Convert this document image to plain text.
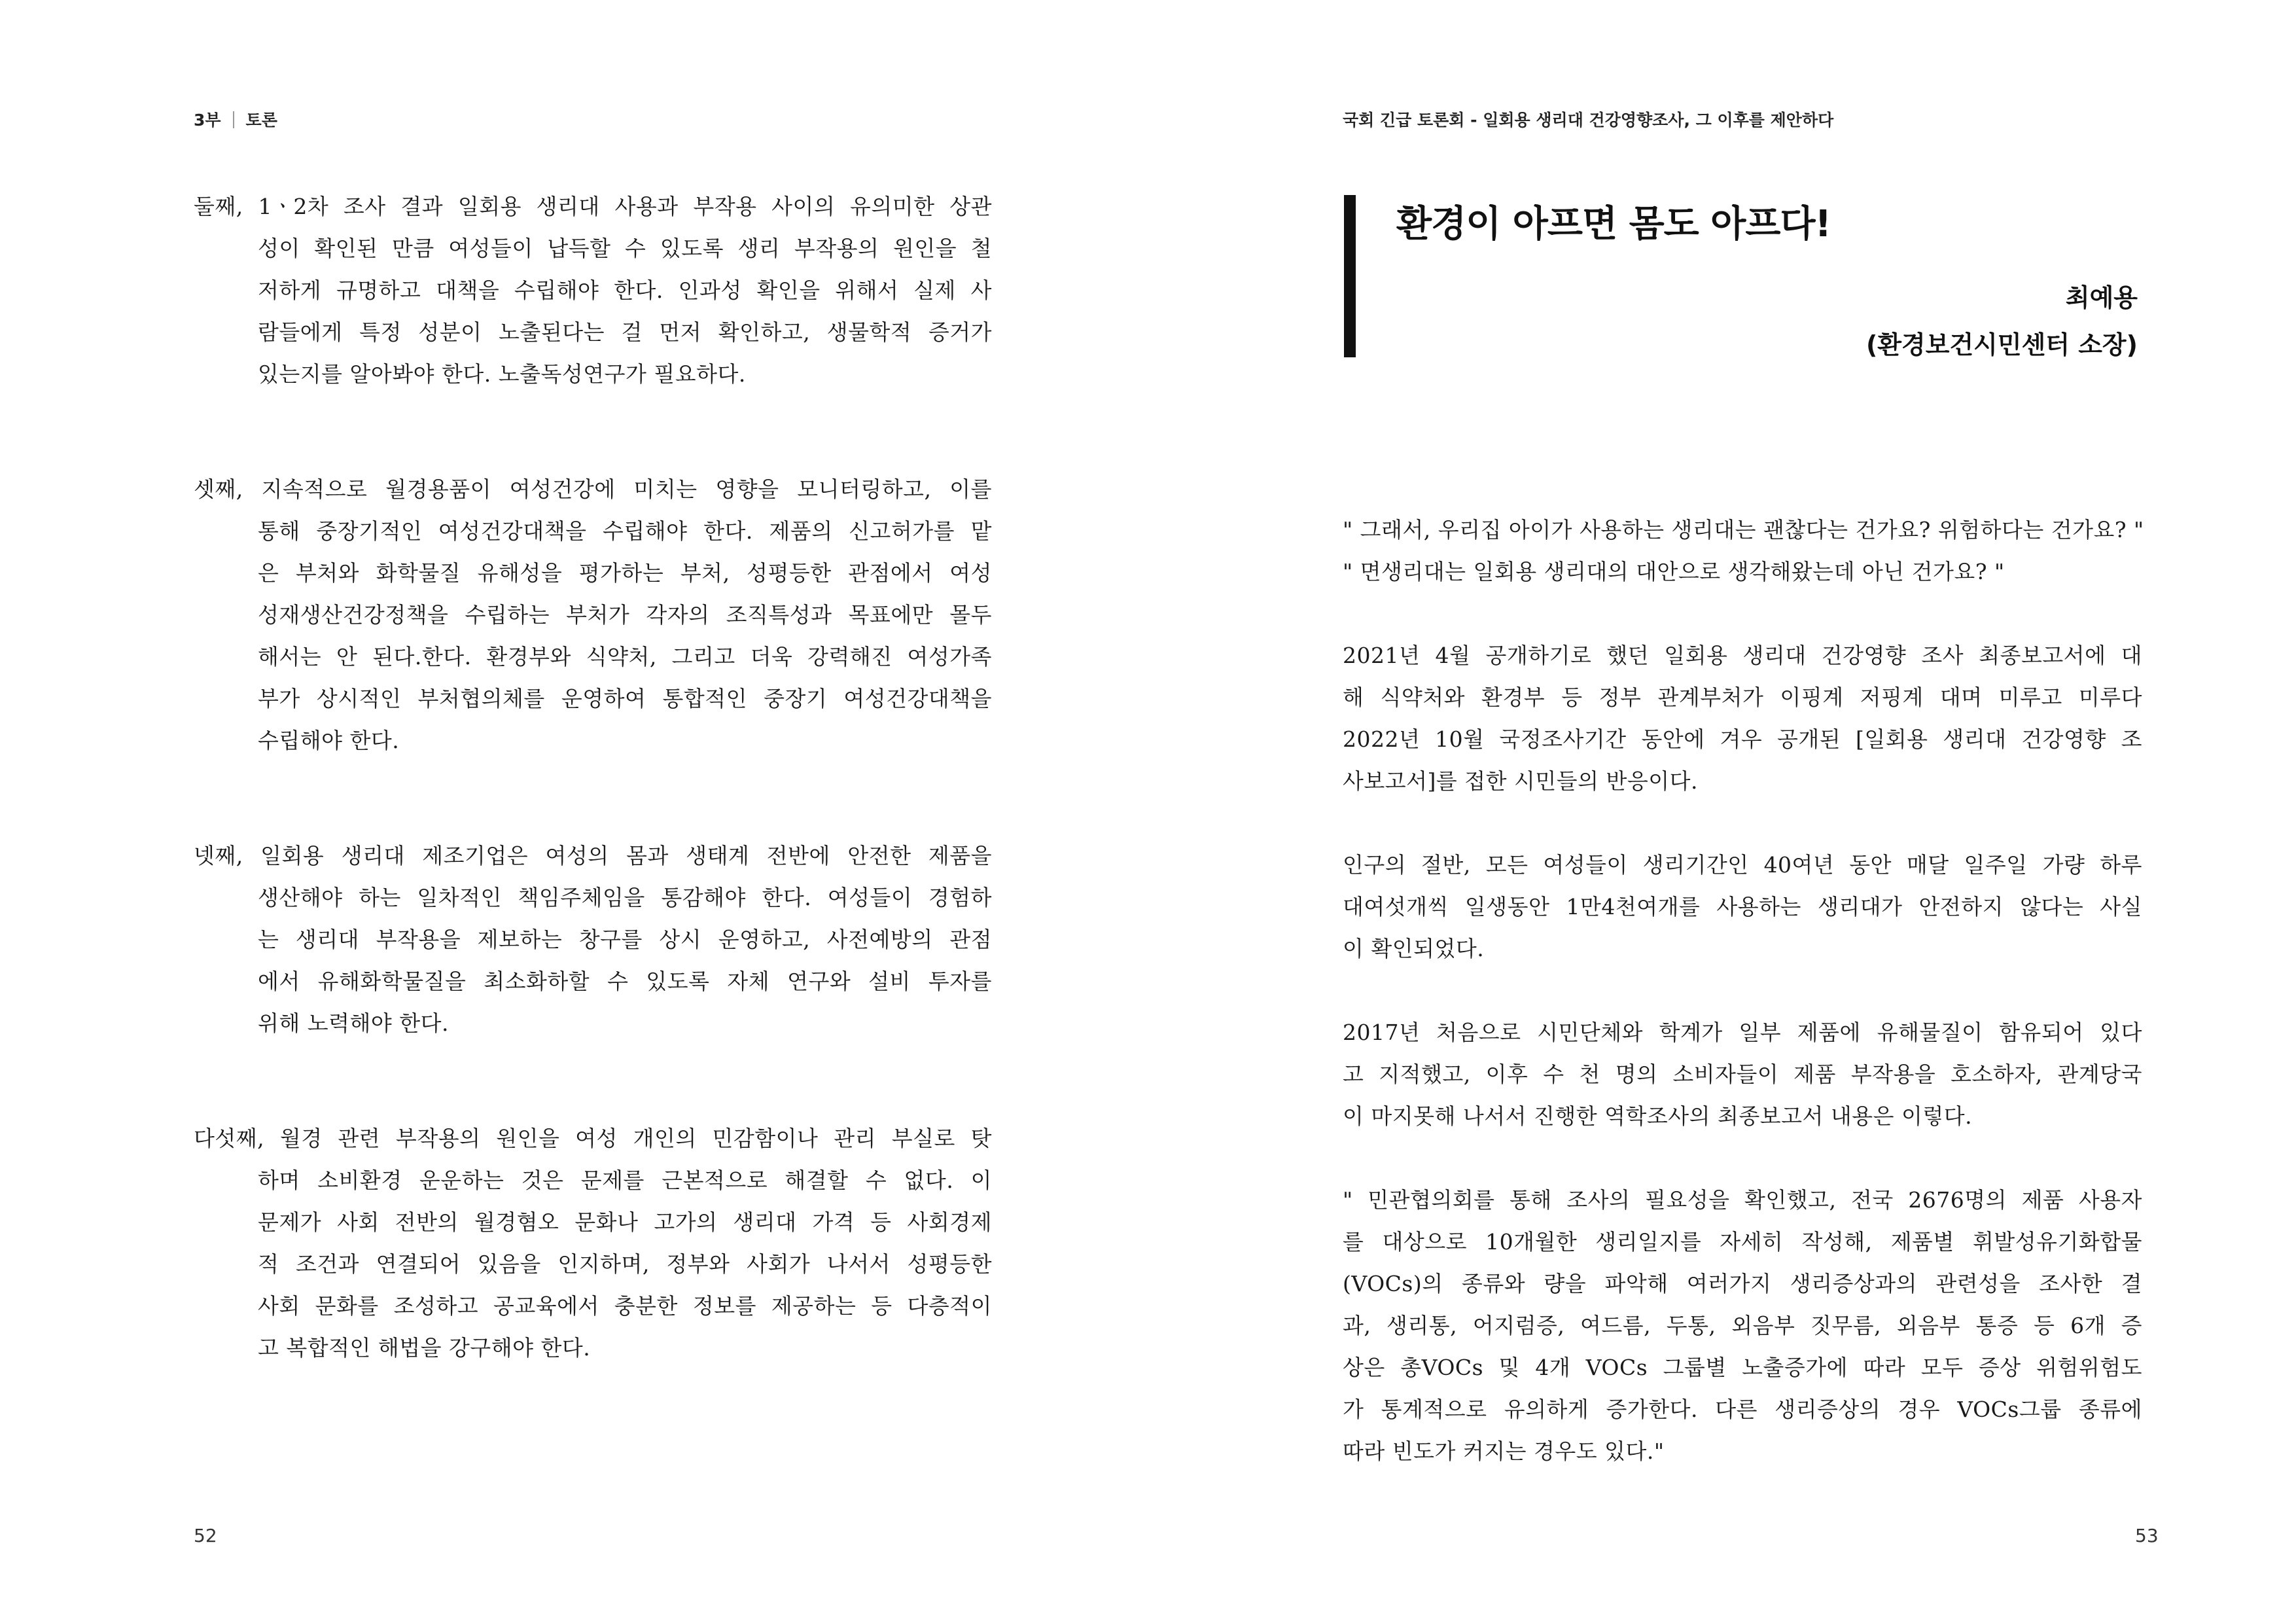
3부 토론
둘째, 1ㆍ2차 조사 결과 일회용 생리대 사용과 부작용 사이의 유의미한 상관
성이 확인된 만큼 여성들이 납득할 수 있도록 생리 부작용의 원인을 철
저하게 규명하고 대책을 수립해야 한다. 인과성 확인을 위해서 실제 사
람들에게 특정 성분이 노출된다는 걸 먼저 확인하고, 생물학적 증거가
있는지를 알아봐야 한다. 노출독성연구가 필요하다.
셋째, 지속적으로 월경용품이 여성건강에 미치는 영향을 모니터링하고, 이를
통해 중장기적인 여성건강대책을 수립해야 한다. 제품의 신고허가를 맡
은 부처와 화학물질 유해성을 평가하는 부처, 성평등한 관점에서 여성
성재생산건강정책을 수립하는 부처가 각자의 조직특성과 목표에만 몰두
해서는 안 된다.한다. 환경부와 식약처, 그리고 더욱 강력해진 여성가족
부가 상시적인 부처협의체를 운영하여 통합적인 중장기 여성건강대책을
수립해야 한다.
넷째, 일회용 생리대 제조기업은 여성의 몸과 생태계 전반에 안전한 제품을
생산해야 하는 일차적인 책임주체임을 통감해야 한다. 여성들이 경험하
는 생리대 부작용을 제보하는 창구를 상시 운영하고, 사전예방의 관점
에서 유해화학물질을 최소화하할 수 있도록 자체 연구와 설비 투자를
위해 노력해야 한다.
다섯째, 월경 관련 부작용의 원인을 여성 개인의 민감함이나 관리 부실로 탓
하며 소비환경 운운하는 것은 문제를 근본적으로 해결할 수 없다. 이
문제가 사회 전반의 월경혐오 문화나 고가의 생리대 가격 등 사회경제
적 조건과 연결되어 있음을 인지하며, 정부와 사회가 나서서 성평등한
사회 문화를 조성하고 공교육에서 충분한 정보를 제공하는 등 다층적이
고 복합적인 해법을 강구해야 한다.
52
국회 긴급 토론회 - 일회용 생리대 건강영향조사, 그 이후를 제안하다
환경이 아프면 몸도 아프다!
최예용
(환경보건시민센터 소장)
" 그래서, 우리집 아이가 사용하는 생리대는 괜찮다는 건가요? 위험하다는 건가요? "
" 면생리대는 일회용 생리대의 대안으로 생각해왔는데 아닌 건가요? "
2021년 4월 공개하기로 했던 일회용 생리대 건강영향 조사 최종보고서에 대
해 식약처와 환경부 등 정부 관계부처가 이핑계 저핑계 대며 미루고 미루다
2022년 10월 국정조사기간 동안에 겨우 공개된 [일회용 생리대 건강영향 조
사보고서]를 접한 시민들의 반응이다.
인구의 절반, 모든 여성들이 생리기간인 40여년 동안 매달 일주일 가량 하루
대여섯개씩 일생동안 1만4천여개를 사용하는 생리대가 안전하지 않다는 사실
이 확인되었다.
2017년 처음으로 시민단체와 학계가 일부 제품에 유해물질이 함유되어 있다
고 지적했고, 이후 수 천 명의 소비자들이 제품 부작용을 호소하자, 관계당국
이 마지못해 나서서 진행한 역학조사의 최종보고서 내용은 이렇다.
" 민관협의회를 통해 조사의 필요성을 확인했고, 전국 2676명의 제품 사용자
를 대상으로 10개월한 생리일지를 자세히 작성해, 제품별 휘발성유기화합물
(VOCs)의 종류와 량을 파악해 여러가지 생리증상과의 관련성을 조사한 결
과, 생리통, 어지럼증, 여드름, 두통, 외음부 짓무름, 외음부 통증 등 6개 증
상은 총VOCs 및 4개 VOCs 그룹별 노출증가에 따라 모두 증상 위험위험도
가 통계적으로 유의하게 증가한다. 다른 생리증상의 경우 VOCs그룹 종류에
따라 빈도가 커지는 경우도 있다."
53
